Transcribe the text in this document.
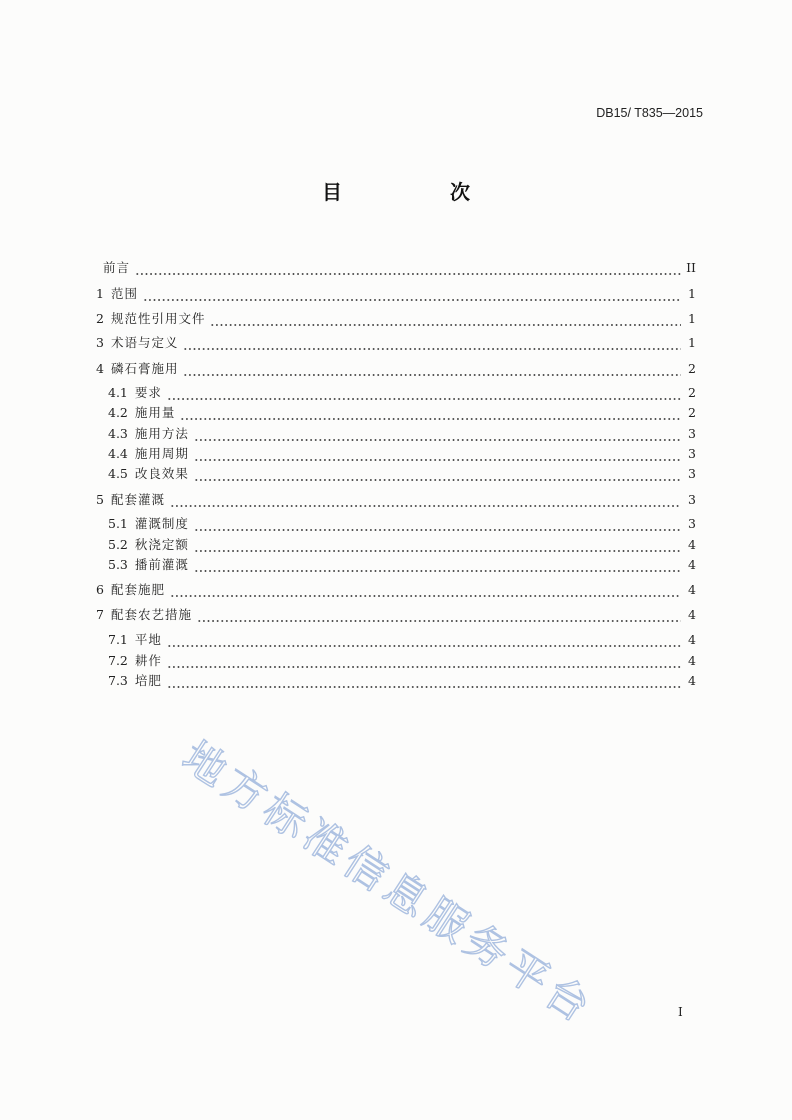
DB15/ T835—2015
目　次
前言	II
1 范围	1
2 规范性引用文件	1
3 术语与定义	1
4 磷石膏施用	2
4.1 要求	2
4.2 施用量	2
4.3 施用方法	3
4.4 施用周期	3
4.5 改良效果	3
5 配套灌溉	3
5.1 灌溉制度	3
5.2 秋浇定额	4
5.3 播前灌溉	4
6 配套施肥	4
7 配套农艺措施	4
7.1 平地	4
7.2 耕作	4
7.3 培肥	4
地方标准信息服务平台	I
